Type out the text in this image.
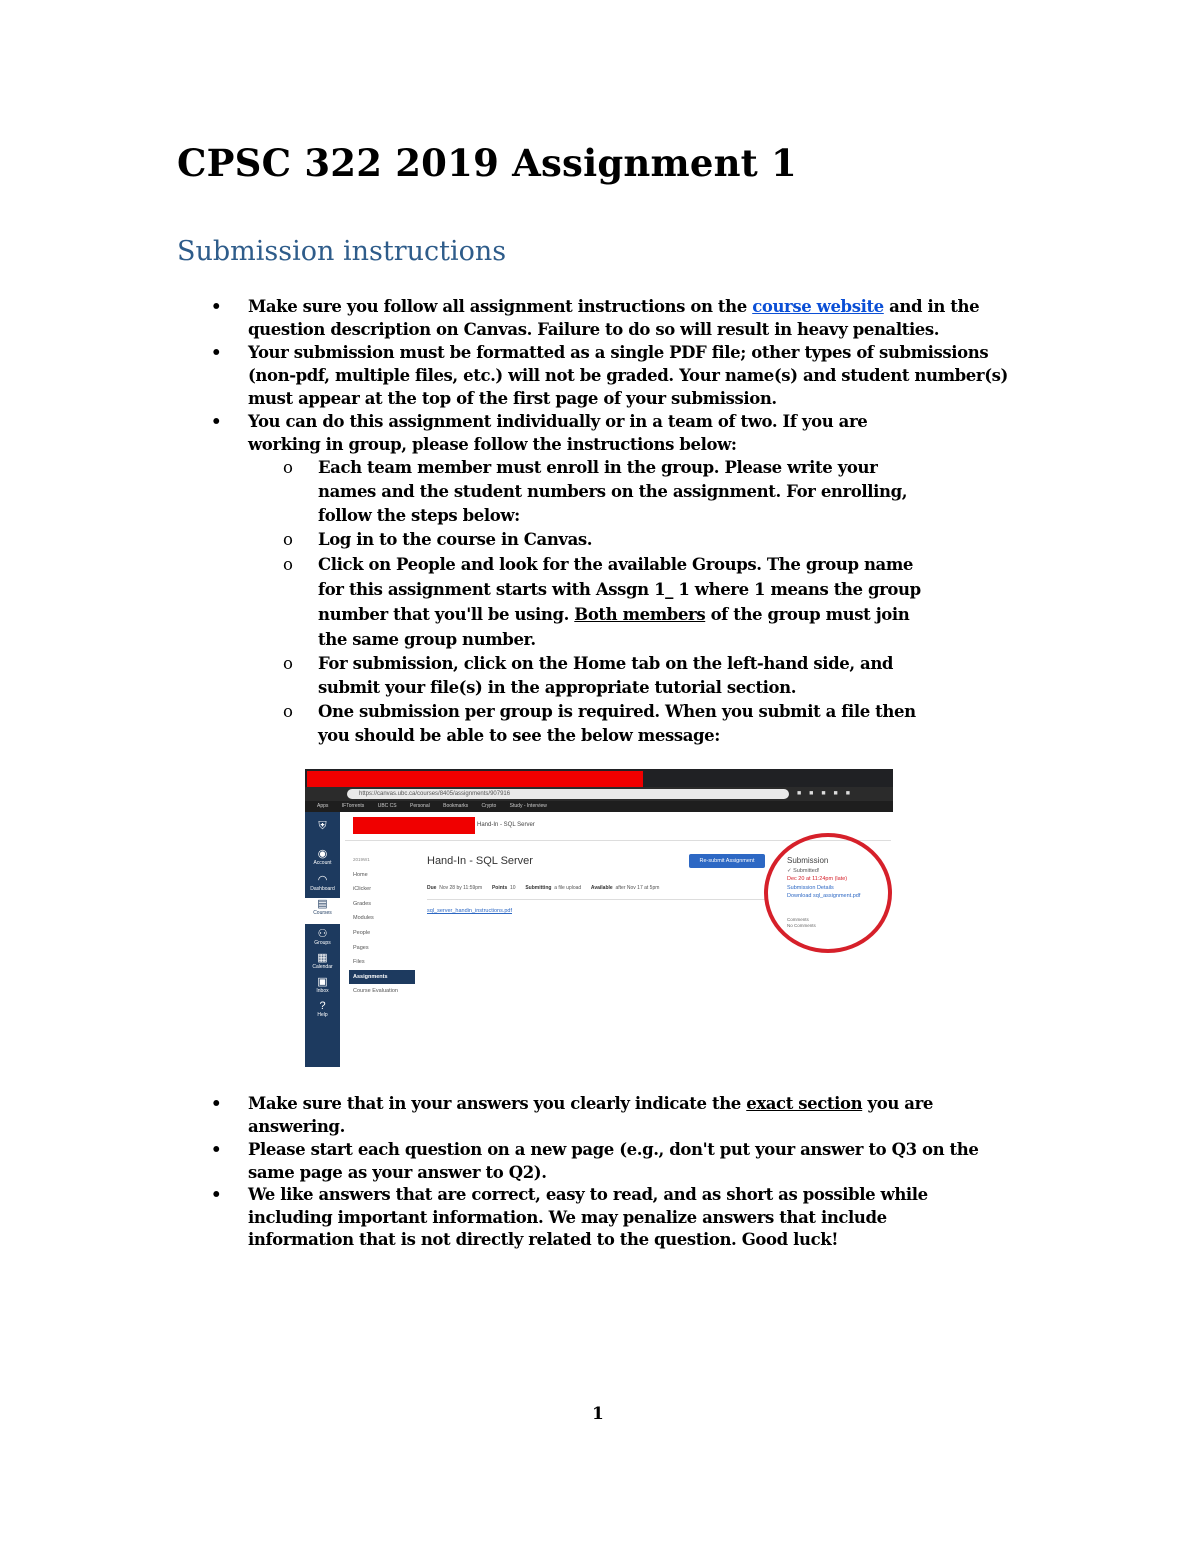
CPSC 322 2019 Assignment 1
Submission instructions
• Make sure you follow all assignment instructions on the course website and in the question description on Canvas. Failure to do so will result in heavy penalties.
• Your submission must be formatted as a single PDF file; other types of submissions (non-pdf, multiple files, etc.) will not be graded. Your name(s) and student number(s) must appear at the top of the first page of your submission.
• You can do this assignment individually or in a team of two. If you are working in group, please follow the instructions below:
o Each team member must enroll in the group. Please write your names and the student numbers on the assignment. For enrolling, follow the steps below:
o Log in to the course in Canvas.
o Click on People and look for the available Groups. The group name for this assignment starts with Assgn 1_ 1 where 1 means the group number that you'll be using. Both members of the group must join the same group number.
o For submission, click on the Home tab on the left-hand side, and submit your file(s) in the appropriate tutorial section.
o One submission per group is required. When you submit a file then you should be able to see the below message:
https://canvas.ubc.ca/courses/8405/assignments/907916	■ ■ ■ ■ ■
Apps	IFTorrents	UBC CS	Personal	Bookmarks	Crypto	Study - Interview
⛨
◉
Account
◠
Dashboard
▤
Courses
⚇
Groups
▦
Calendar
▣
Inbox
?
Help
Hand-In - SQL Server
2019W1
Home
iClicker
Grades
Modules
People
Pages
Files
Assignments
Course Evaluation
Hand-In - SQL Server	Re-submit Assignment
Due Nov 28 by 11:59pm Points 10 Submitting a file upload Available after Nov 17 at 5pm
sql_server_handin_instructions.pdf
Submission
✓ Submitted!
Dec 20 at 11:24pm (late)
Submission Details
Download sql_assignment.pdf
Comments
No Comments
• Make sure that in your answers you clearly indicate the exact section you are answering.
• Please start each question on a new page (e.g., don't put your answer to Q3 on the same page as your answer to Q2).
• We like answers that are correct, easy to read, and as short as possible while including important information. We may penalize answers that include information that is not directly related to the question. Good luck!
1
